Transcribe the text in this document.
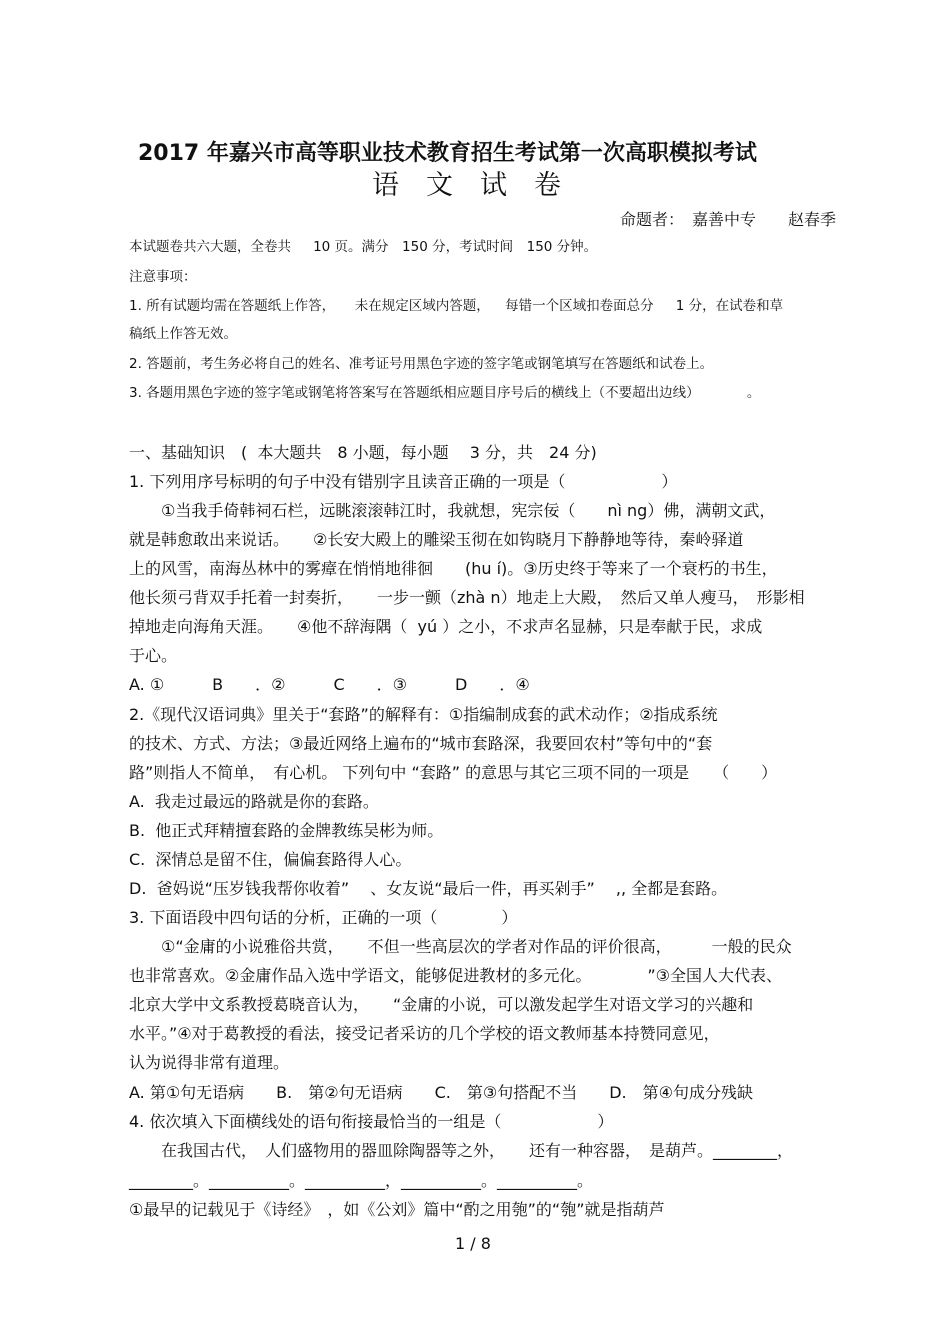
2017 年嘉兴市高等职业技术教育招生考试第一次高职模拟考试
语　文　试　卷
命题者：　嘉善中专　　赵春季
本试题卷共六大题，全卷共　  10 页。满分　150 分，考试时间　150 分钟。
注意事项：
1. 所有试题均需在答题纸上作答，　   未在规定区域内答题，　  每错一个区域扣卷面总分　  1 分，在试卷和草
稿纸上作答无效。
2. 答题前，考生务必将自己的姓名、准考证号用黑色字迹的签字笔或钢笔填写在答题纸和试卷上。
3. 各题用黑色字迹的签字笔或钢笔将答案写在答题纸相应题目序号后的横线上（不要超出边线）　　　　。
一、基础知识　(  本大题共　8 小题，每小题　 3 分，共　24 分)
1. 下列用序号标明的句子中没有错别字且读音正确的一项是（　　　　　　）
　　①当我手倚韩祠石栏，远眺滚滚韩江时，我就想，宪宗佞（　　nì ng）佛，满朝文武，
就是韩愈敢出来说话。　　②长安大殿上的雕梁玉彻在如钩晓月下静静地等待，秦岭驿道
上的风雪，南海丛林中的雾瘴在悄悄地徘徊　　(hu í)。③历史终于等来了一个衰朽的书生，
他长须弓背双手托着一封奏折，　　一步一颤（zhà n）地走上大殿，　然后又单人瘦马，　形影相
掉地走向海角天涯。　　④他不辞海隅（  yú ）之小，不求声名显赫，只是奉献于民，求成
于心。
A. ①　　　B　　．②　　　C　　．③　　　D　　．④
2.《现代汉语词典》里关于“套路”的解释有：①指编制成套的武术动作；②指成系统
的技术、方式、方法；③最近网络上遍布的“城市套路深，我要回农村”等句中的“套
路”则指人不简单，　有心机。 下列句中 “套路” 的意思与其它三项不同的一项是　　（　　）
A.  我走过最远的路就是你的套路。
B.  他正式拜精擅套路的金牌教练吴彬为师。
C.  深情总是留不住，偏偏套路得人心。
D.  爸妈说“压岁钱我帮你收着”　 、女友说“最后一件，再买剁手”　 ,, 全都是套路。
3. 下面语段中四句话的分析，正确的一项（　　　　）
　　①“金庸的小说雅俗共赏，　　不但一些高层次的学者对作品的评价很高，　　　一般的民众
也非常喜欢。②金庸作品入选中学语文，能够促进教材的多元化。　　　　”③全国人大代表、
北京大学中文系教授葛晓音认为，　　“金庸的小说，可以激发起学生对语文学习的兴趣和
水平。”④对于葛教授的看法，接受记者采访的几个学校的语文教师基本持赞同意见，
认为说得非常有道理。
A. 第①句无语病　　B.　第②句无语病　　C.　第③句搭配不当　　D.　第④句成分残缺
4. 依次填入下面横线处的语句衔接最恰当的一组是（　　　　　　）
　　在我国古代，　人们盛物用的器皿除陶器等之外，　　还有一种容器，　是葫芦。________，
________。__________。__________，__________。__________。
①最早的记载见于《诗经》　，如《公刘》篇中“酌之用匏”的“匏”就是指葫芦
1 / 8
